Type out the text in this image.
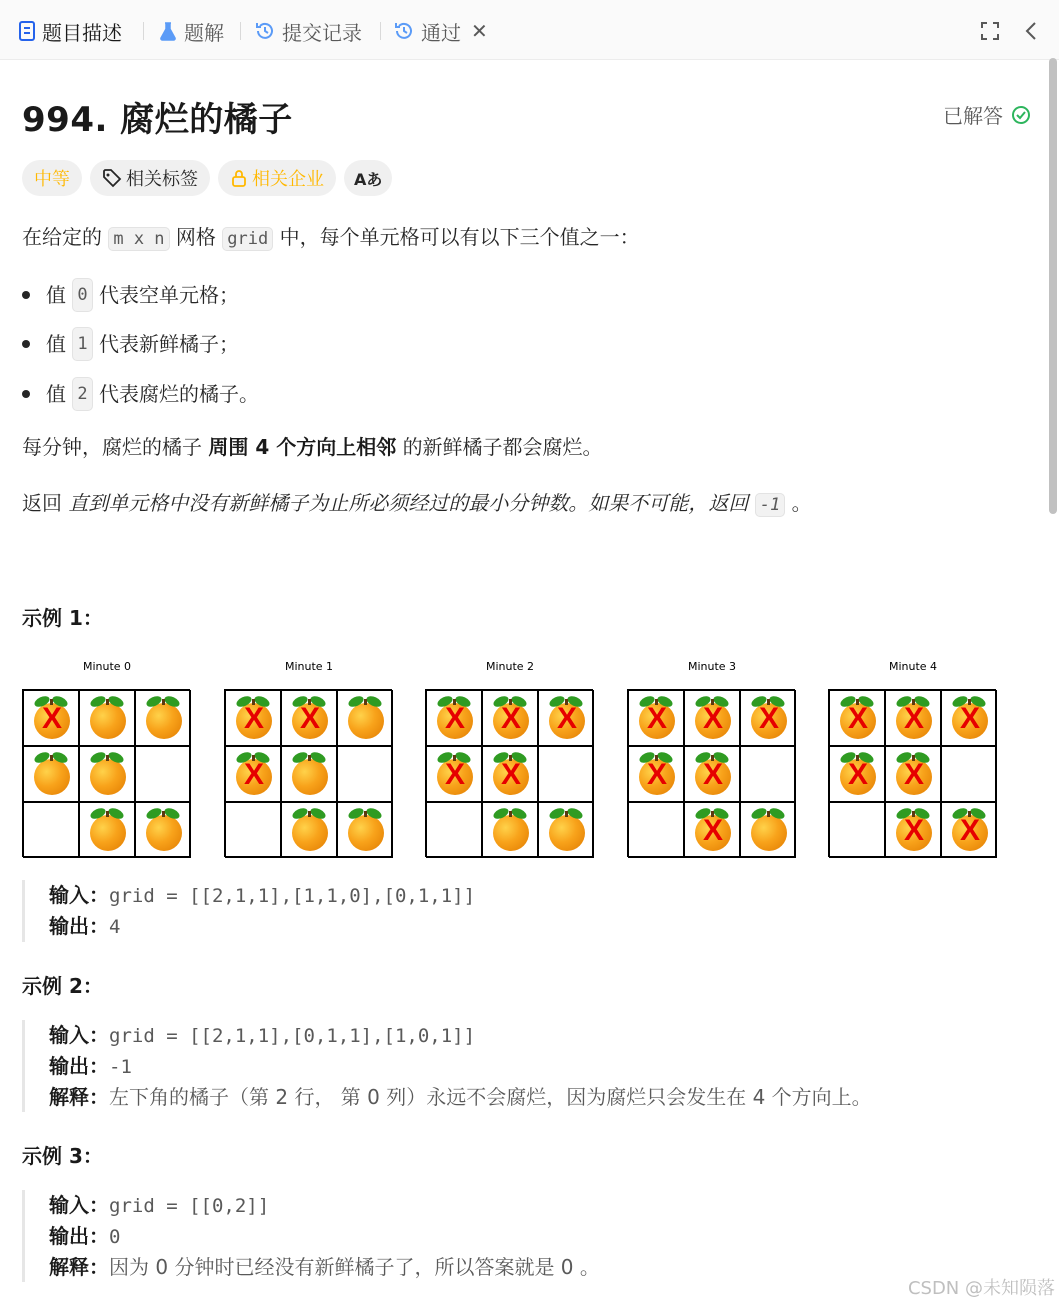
题目描述	题解	提交记录	通过 ✕
994. 腐烂的橘子	已解答
中等	相关标签	相关企业 Aあ
在给定的 m x n 网格 grid 中，每个单元格可以有以下三个值之一：
值
0
代表空单元格；
值
1
代表新鲜橘子；
值
2
代表腐烂的橘子。
每分钟，腐烂的橘子 周围 4 个方向上相邻 的新鲜橘子都会腐烂。
返回 直到单元格中没有新鲜橘子为止所必须经过的最小分钟数。如果不可能，返回 -1 。
示例 1：
Minute 0
X
Minute 1
X X
X
Minute 2
X X X
X X
Minute 3
X X X
X X
X
Minute 4
X X X
X X
X X
输入：grid = [[2,1,1],[1,1,0],[0,1,1]]
输出：4
示例 2：
输入：grid = [[2,1,1],[0,1,1],[1,0,1]]
输出：-1
解释：左下角的橘子（第 2 行， 第 0 列）永远不会腐烂，因为腐烂只会发生在 4 个方向上。
示例 3：
输入：grid = [[0,2]]
输出：0
解释：因为 0 分钟时已经没有新鲜橘子了，所以答案就是 0 。
CSDN @未知陨落
